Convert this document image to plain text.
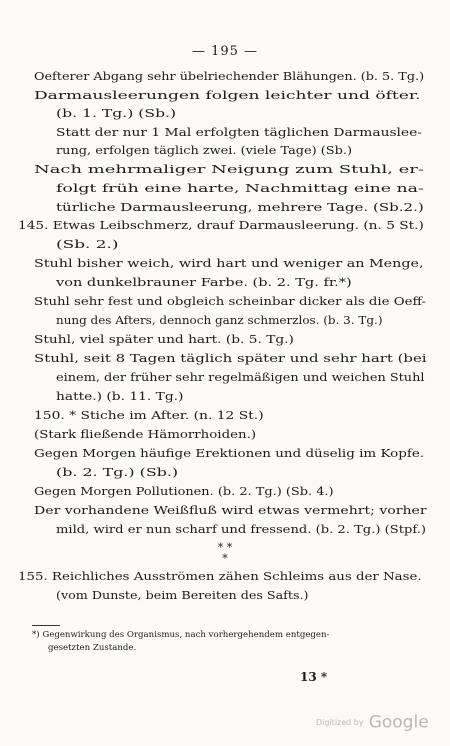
— 195 —
Oefterer Abgang sehr übelriechender Blähungen. (b. 5. Tg.)
Darmausleerungen folgen leichter und öfter.
(b. 1. Tg.) (Sb.)
Statt der nur 1 Mal erfolgten täglichen Darmauslee-
rung, erfolgen täglich zwei. (viele Tage) (Sb.)
Nach mehrmaliger Neigung zum Stuhl, er-
folgt früh eine harte, Nachmittag eine na-
türliche Darmausleerung, mehrere Tage. (Sb.2.)
145. Etwas Leibschmerz, drauf Darmausleerung. (n. 5 St.)
(Sb. 2.)
Stuhl bisher weich, wird hart und weniger an Menge,
von dunkelbrauner Farbe. (b. 2. Tg. fr.*)
Stuhl sehr fest und obgleich scheinbar dicker als die Oeff-
nung des Afters, dennoch ganz schmerzlos. (b. 3. Tg.)
Stuhl, viel später und hart. (b. 5. Tg.)
Stuhl, seit 8 Tagen täglich später und sehr hart (bei
einem, der früher sehr regelmäßigen und weichen Stuhl
hatte.) (b. 11. Tg.)
150. * Stiche im After. (n. 12 St.)
(Stark fließende Hämorrhoiden.)
Gegen Morgen häufige Erektionen und düselig im Kopfe.
(b. 2. Tg.) (Sb.)
Gegen Morgen Pollutionen. (b. 2. Tg.) (Sb. 4.)
Der vorhandene Weißfluß wird etwas vermehrt; vorher
mild, wird er nun scharf und fressend. (b. 2. Tg.) (Stpf.)
* *
*
155. Reichliches Ausströmen zähen Schleims aus der Nase.
(vom Dunste, beim Bereiten des Safts.)
*) Gegenwirkung des Organismus, nach vorhergehendem entgegen-
gesetzten Zustande.
13 *
Digitized by Google
